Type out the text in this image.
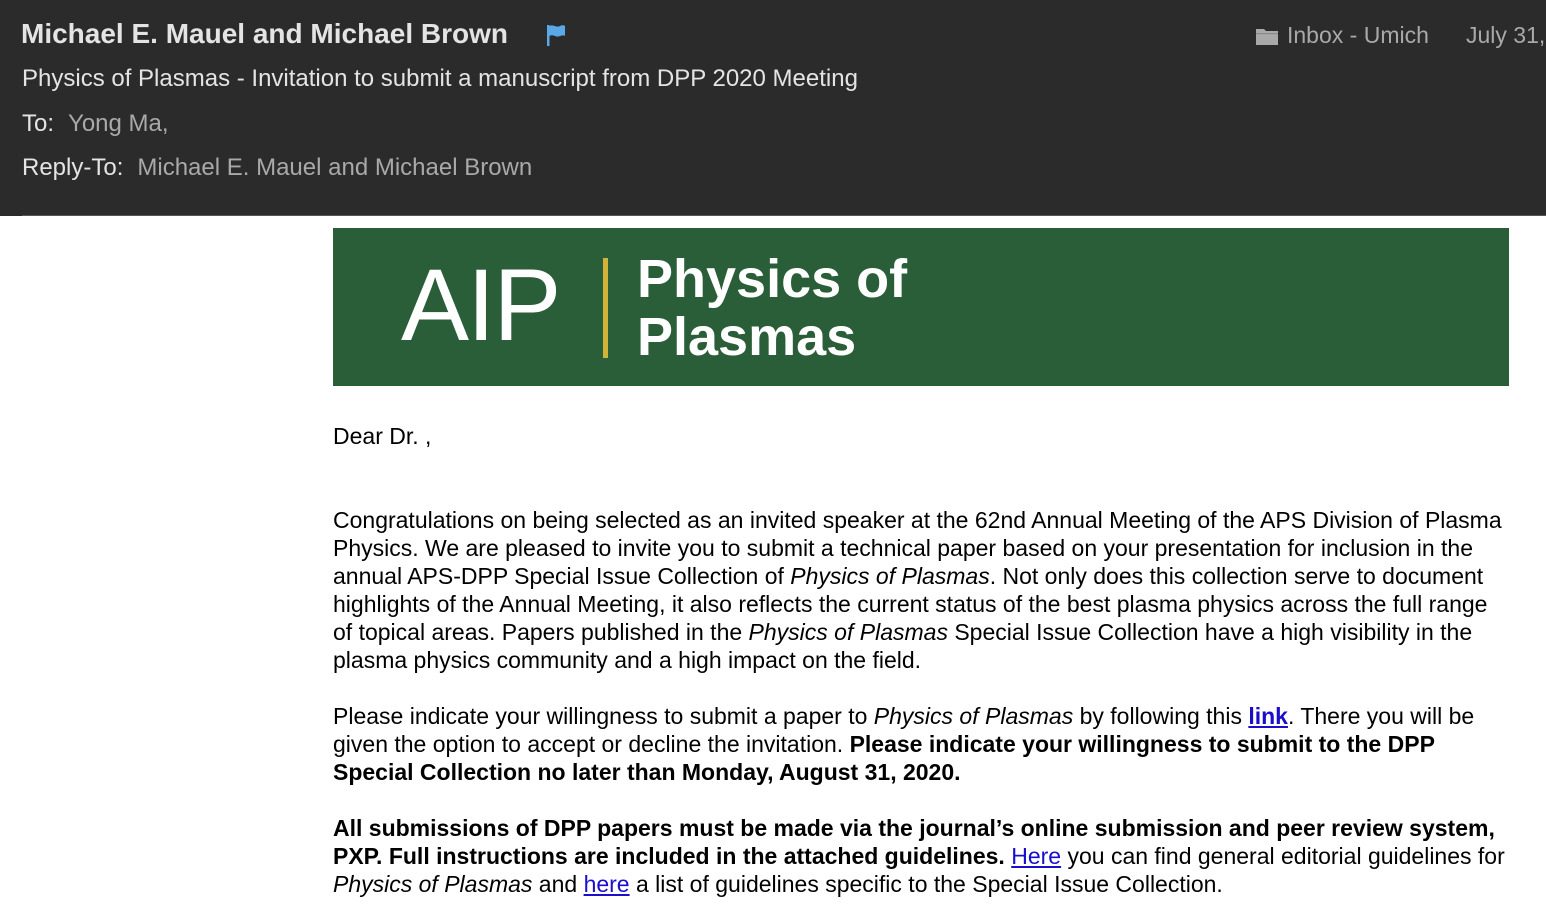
Michael E. Mauel and Michael Brown	Inbox - Umich July 31,
Physics of Plasmas - Invitation to submit a manuscript from DPP 2020 Meeting
To: Yong Ma,
Reply-To: Michael E. Mauel and Michael Brown
AIP Physics of
Plasmas
Dear Dr. ,
Congratulations on being selected as an invited speaker at the 62nd Annual Meeting of the APS Division of Plasma Physics. We are pleased to invite you to submit a technical paper based on your presentation for inclusion in the annual APS-DPP Special Issue Collection of Physics of Plasmas. Not only does this collection serve to document highlights of the Annual Meeting, it also reflects the current status of the best plasma physics across the full range of topical areas. Papers published in the Physics of Plasmas Special Issue Collection have a high visibility in the plasma physics community and a high impact on the field.
Please indicate your willingness to submit a paper to Physics of Plasmas by following this link. There you will be given the option to accept or decline the invitation. Please indicate your willingness to submit to the DPP Special Collection no later than Monday, August 31, 2020.
All submissions of DPP papers must be made via the journal’s online submission and peer review system, PXP. Full instructions are included in the attached guidelines. Here you can find general editorial guidelines for Physics of Plasmas and here a list of guidelines specific to the Special Issue Collection.
